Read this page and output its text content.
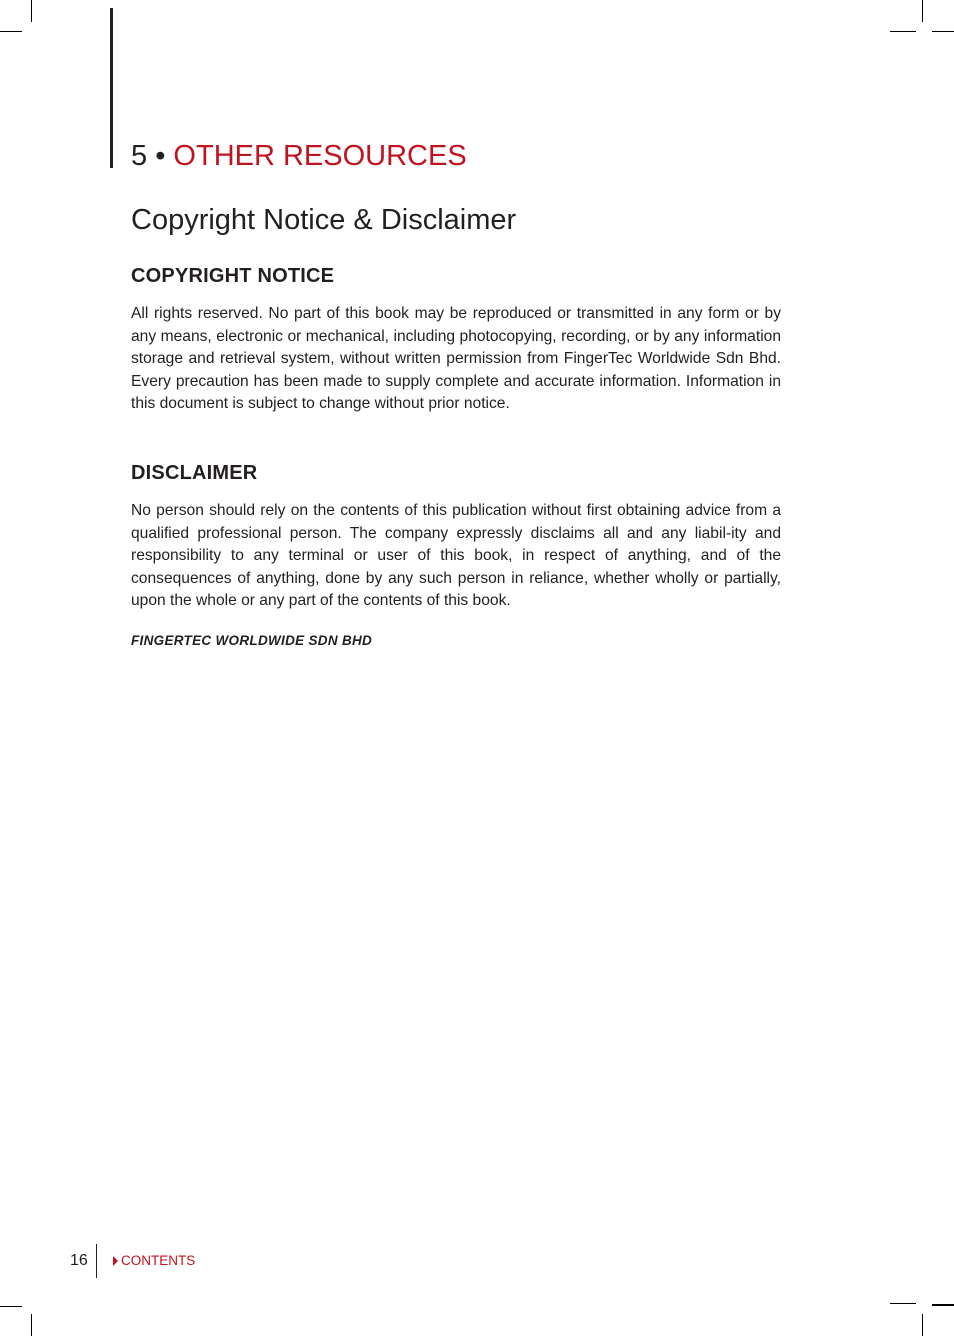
5 • OTHER RESOURCES
Copyright Notice & Disclaimer
COPYRIGHT NOTICE
All rights reserved. No part of this book may be reproduced or transmitted in any form or by any means, electronic or mechanical, including photocopying, recording, or by any information storage and retrieval system, without written permission from FingerTec Worldwide Sdn Bhd. Every precaution has been made to supply complete and accurate information. Information in this document is subject to change without prior notice.
DISCLAIMER
No person should rely on the contents of this publication without first obtaining advice from a qualified professional person. The company expressly disclaims all and any liabil-ity and responsibility to any terminal or user of this book, in respect of anything, and of the consequences of anything, done by any such person in reliance, whether wholly or partially, upon the whole or any part of the contents of this book.
FINGERTEC WORLDWIDE SDN BHD
16 CONTENTS
